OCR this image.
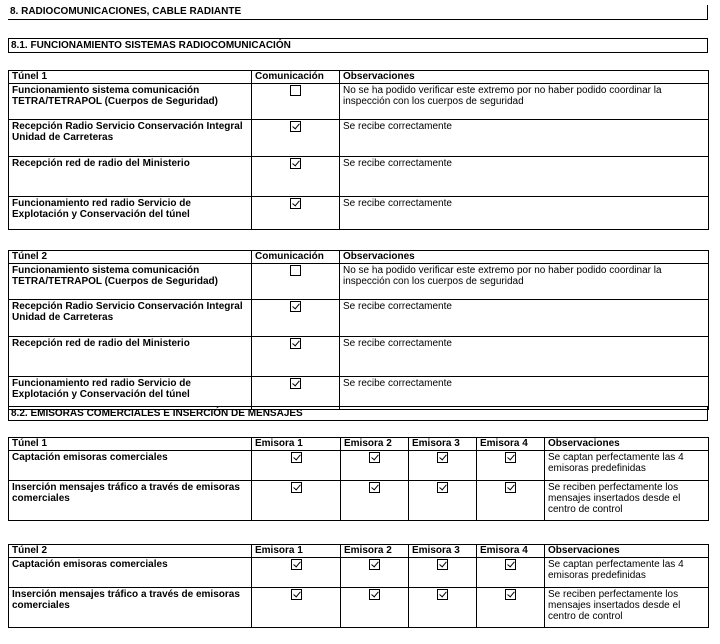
8. RADIOCOMUNICACIONES, CABLE RADIANTE
8.1. FUNCIONAMIENTO SISTEMAS RADIOCOMUNICACIÓN
Túnel 1	Comunicación	Observaciones
Funcionamiento sistema comunicación TETRA/TETRAPOL (Cuerpos de Seguridad)		No se ha podido verificar este extremo por no haber podido coordinar la inspección con los cuerpos de seguridad
Recepción Radio Servicio Conservación Integral Unidad de Carreteras		Se recibe correctamente
Recepción red de radio del Ministerio		Se recibe correctamente
Funcionamiento red radio Servicio de Explotación y Conservación del túnel		Se recibe correctamente
Túnel 2	Comunicación	Observaciones
Funcionamiento sistema comunicación TETRA/TETRAPOL (Cuerpos de Seguridad)		No se ha podido verificar este extremo por no haber podido coordinar la inspección con los cuerpos de seguridad
Recepción Radio Servicio Conservación Integral Unidad de Carreteras		Se recibe correctamente
Recepción red de radio del Ministerio		Se recibe correctamente
Funcionamiento red radio Servicio de Explotación y Conservación del túnel		Se recibe correctamente
8.2. EMISORAS COMERCIALES E INSERCIÓN DE MENSAJES
Túnel 1	Emisora 1	Emisora 2	Emisora 3	Emisora 4	Observaciones
Captación emisoras comerciales					Se captan perfectamente las 4 emisoras predefinidas
Inserción mensajes tráfico a través de emisoras comerciales					Se reciben perfectamente los mensajes insertados desde el centro de control
Túnel 2	Emisora 1	Emisora 2	Emisora 3	Emisora 4	Observaciones
Captación emisoras comerciales					Se captan perfectamente las 4 emisoras predefinidas
Inserción mensajes tráfico a través de emisoras comerciales					Se reciben perfectamente los mensajes insertados desde el centro de control
